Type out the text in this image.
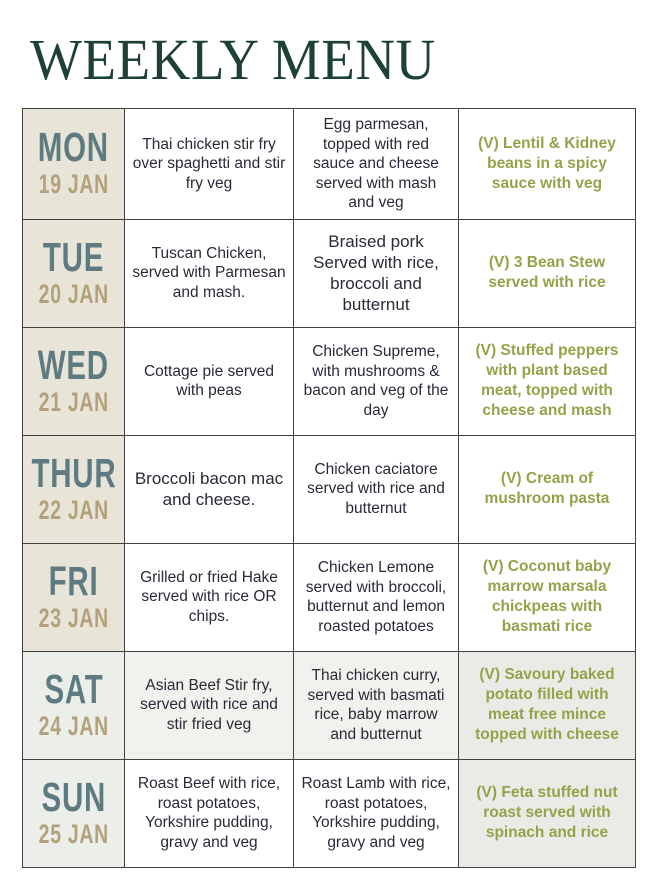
WEEKLY MENU
MON
19 JAN
Thai chicken stir fry over spaghetti and stir fry veg
Egg parmesan, topped with red sauce and cheese served with mash and veg
(V) Lentil & Kidney beans in a spicy sauce with veg
TUE
20 JAN
Tuscan Chicken, served with Parmesan and mash.
Braised pork Served with rice, broccoli and butternut
(V) 3 Bean Stew served with rice
WED
21 JAN
Cottage pie served with peas
Chicken Supreme, with mushrooms & bacon and veg of the day
(V) Stuffed peppers with plant based meat, topped with cheese and mash
THUR
22 JAN
Broccoli bacon mac and cheese.
Chicken caciatore served with rice and butternut
(V) Cream of mushroom pasta
FRI
23 JAN
Grilled or fried Hake served with rice OR chips.
Chicken Lemone served with broccoli, butternut and lemon roasted potatoes
(V) Coconut baby marrow marsala chickpeas with basmati rice
SAT
24 JAN
Asian Beef Stir fry, served with rice and stir fried veg
Thai chicken curry, served with basmati rice, baby marrow and butternut
(V) Savoury baked potato filled with meat free mince topped with cheese
SUN
25 JAN
Roast Beef with rice, roast potatoes, Yorkshire pudding, gravy and veg
Roast Lamb with rice, roast potatoes, Yorkshire pudding, gravy and veg
(V) Feta stuffed nut roast served with spinach and rice
